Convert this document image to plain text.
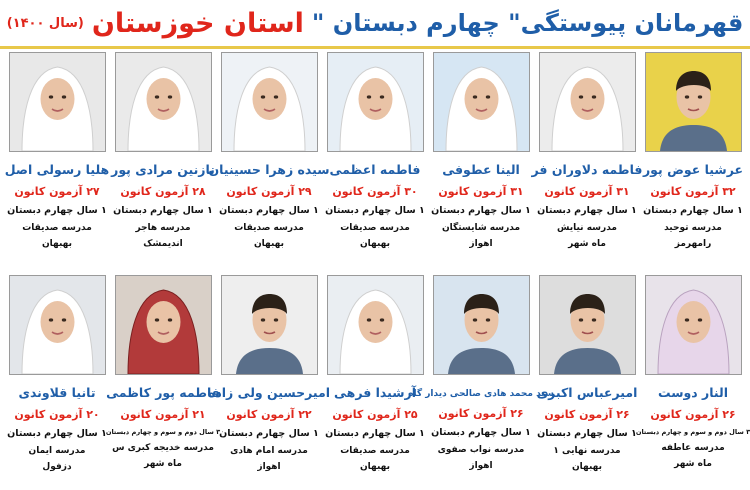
قهرمانان پیوستگی" چهارم دبستان "
استان خوزستان
(سال ۱۴۰۰)
عرشیا عوض پور
۳۲ آزمون کانون
۱ سال چهارم دبستان
مدرسه توحید
رامهرمز
فاطمه دلاوران فر
۳۱ آزمون کانون
۱ سال چهارم دبستان
مدرسه نیایش
ماه شهر
الینا عطوفی
۳۱ آزمون کانون
۱ سال چهارم دبستان
مدرسه شایستگان
اهواز
فاطمه اعظمی
۳۰ آزمون کانون
۱ سال چهارم دبستان
مدرسه صدیقات
بهبهان
سیده زهرا حسینیان
۲۹ آزمون کانون
۱ سال چهارم دبستان
مدرسه صدیقات
بهبهان
نازنین مرادی پور
۲۸ آزمون کانون
۱ سال چهارم دبستان
مدرسه هاجر
اندیمشک
هلیا رسولی اصل
۲۷ آزمون کانون
۱ سال چهارم دبستان
مدرسه صدیقات
بهبهان
النار دوست
۲۶ آزمون کانون
۳ سال دوم و سوم و چهارم دبستان
مدرسه عاطفه
ماه شهر
امیرعباس اکبری
۲۶ آزمون کانون
۱ سال چهارم دبستان
مدرسه نهایی ۱
بهبهان
سید محمد هادی صالحی دیدار گاه
۲۶ آزمون کانون
۱ سال چهارم دبستان
مدرسه نواب صفوی
اهواز
آرشیدا فرهی
۲۵ آزمون کانون
۱ سال چهارم دبستان
مدرسه صدیقات
بهبهان
امیرحسین ولی زاده
۲۲ آزمون کانون
۱ سال چهارم دبستان
مدرسه امام هادی
اهواز
فاطمه پور کاظمی
۲۱ آزمون کانون
۳ سال دوم و سوم و چهارم دبستان
مدرسه خدیجه کبری س
ماه شهر
تانیا قلاوندی
۲۰ آزمون کانون
۱ سال چهارم دبستان
مدرسه ایمان
دزفول
